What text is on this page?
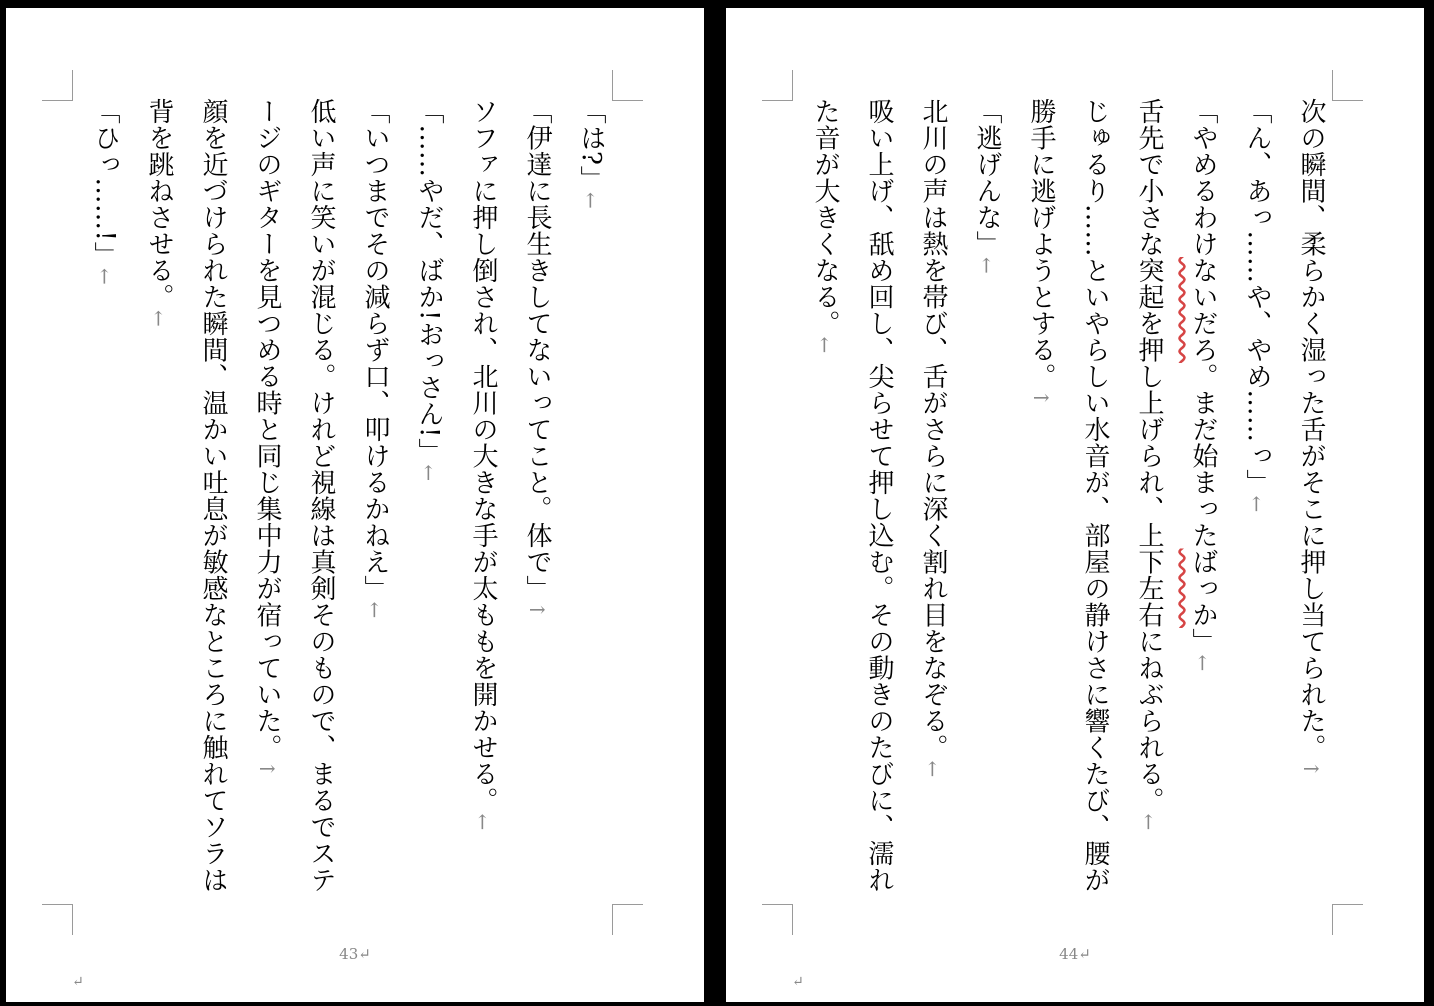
「は?」←

「伊達に長生きしてないってこと。体で」↑

ソファに押し倒され、北川の大きな手が太ももを開かせる。←

「……やだ、ばか!おっさん!」←

「いつまでその減らず口、叩けるかねえ」←

低い声に笑いが混じる。けれど視線は真剣そのもので、まるでステージのギターを見つめる時と同じ集中力が宿っていた。↑

顔を近づけられた瞬間、温かい吐息が敏感なところに触れてソラは背を跳ねさせる。←

「ひっ……!」←

43↵
↵

次の瞬間、柔らかく湿った舌がそこに押し当てられた。↑

「ん、あっ……や、やめ……っ」←

「やめるわけないだろ。まだ始まったばっか」←

舌先で小さな突起を押し上げられ、上下左右にねぶられる。←

じゅるり……といやらしい水音が、部屋の静けさに響くたび、腰が勝手に逃げようとする。↑

「逃げんな」←

北川の声は熱を帯び、舌がさらに深く割れ目をなぞる。←

吸い上げ、舐め回し、尖らせて押し込む。その動きのたびに、濡れた音が大きくなる。←

44↵
↵
